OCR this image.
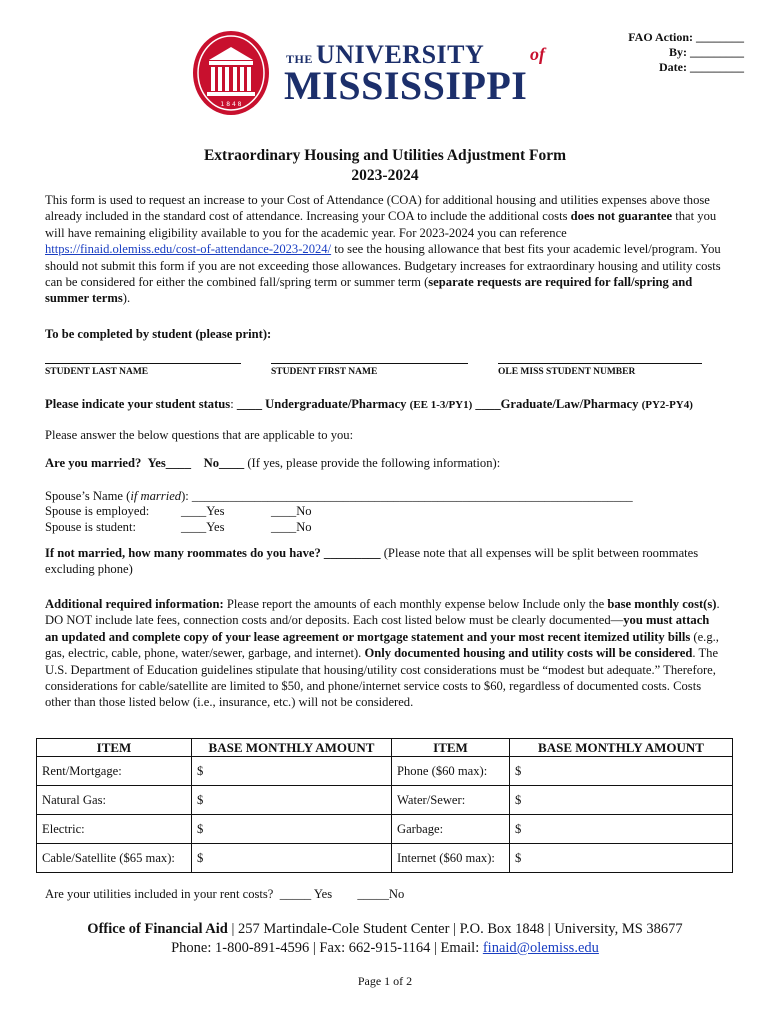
1 8 4 8
THE UNIVERSITY	of
MISSISSIPPI
FAO Action: ________
By: _________
Date: _________
Extraordinary Housing and Utilities Adjustment Form
2023-2024
This form is used to request an increase to your Cost of Attendance (COA) for additional housing and utilities expenses above those already included in the standard cost of attendance. Increasing your COA to include the additional costs does not guarantee that you will have remaining eligibility available to you for the academic year. For 2023-2024 you can reference https://finaid.olemiss.edu/cost-of-attendance-2023-2024/ to see the housing allowance that best fits your academic level/program. You should not submit this form if you are not exceeding those allowances. Budgetary increases for extraordinary housing and utility costs can be considered for either the combined fall/spring term or summer term (separate requests are required for fall/spring and summer terms).
To be completed by student (please print):
STUDENT LAST NAME	STUDENT FIRST NAME	OLE MISS STUDENT NUMBER
Please indicate your student status: ____ Undergraduate/Pharmacy (EE 1-3/PY1) ____Graduate/Law/Pharmacy (PY2-PY4)
Please answer the below questions that are applicable to you:
Are you married? Yes____ No____ (If yes, please provide the following information):
Spouse’s Name (if married): ______________________________________________________________________
Spouse is employed:	____Yes	____No
Spouse is student:	____Yes	____No
If not married, how many roommates do you have? _________ (Please note that all expenses will be split between roommates excluding phone)
Additional required information: Please report the amounts of each monthly expense below Include only the base monthly cost(s). DO NOT include late fees, connection costs and/or deposits. Each cost listed below must be clearly documented—you must attach an updated and complete copy of your lease agreement or mortgage statement and your most recent itemized utility bills (e.g., gas, electric, cable, phone, water/sewer, garbage, and internet). Only documented housing and utility costs will be considered. The U.S. Department of Education guidelines stipulate that housing/utility cost considerations must be “modest but adequate.” Therefore, considerations for cable/satellite are limited to $50, and phone/internet service costs to $60, regardless of documented costs. Costs other than those listed below (i.e., insurance, etc.) will not be considered.
ITEM	BASE MONTHLY AMOUNT	ITEM	BASE MONTHLY AMOUNT
Rent/Mortgage:	$	Phone ($60 max):	$
Natural Gas:	$	Water/Sewer:	$
Electric:	$	Garbage:	$
Cable/Satellite ($65 max):	$	Internet ($60 max):	$
Are your utilities included in your rent costs? _____ Yes _____No
Office of Financial Aid | 257 Martindale-Cole Student Center | P.O. Box 1848 | University, MS 38677
Phone: 1-800-891-4596 | Fax: 662-915-1164 | Email: finaid@olemiss.edu
Page 1 of 2
